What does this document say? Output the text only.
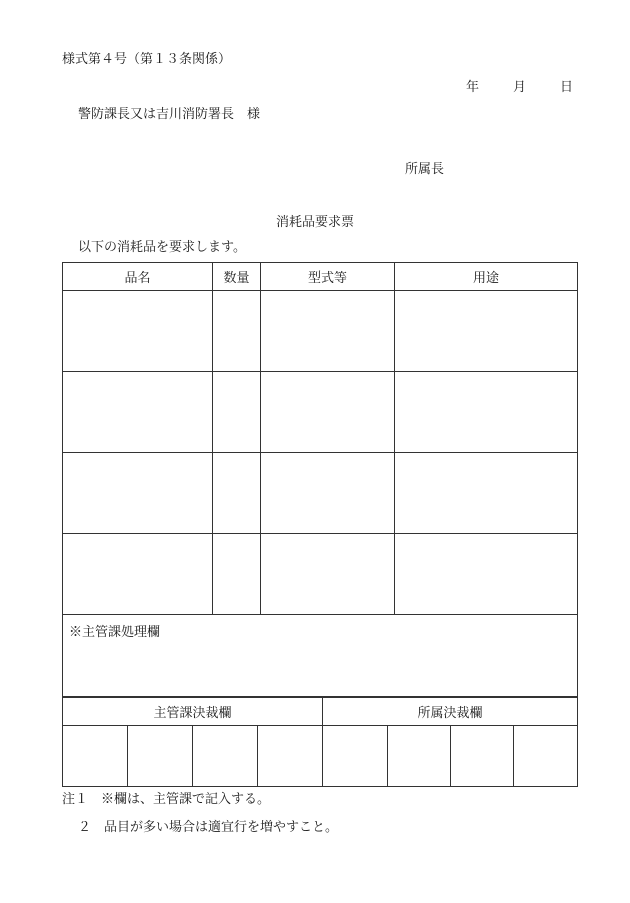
様式第４号（第１３条関係）
年	月	日
警防課長又は吉川消防署長　様
所属長
消耗品要求票
以下の消耗品を要求します。
品名	数量	型式等	用途

※主管課処理欄
主管課決裁欄				所属決裁欄			

注１　※欄は、主管課で記入する。
２　品目が多い場合は適宜行を増やすこと。
